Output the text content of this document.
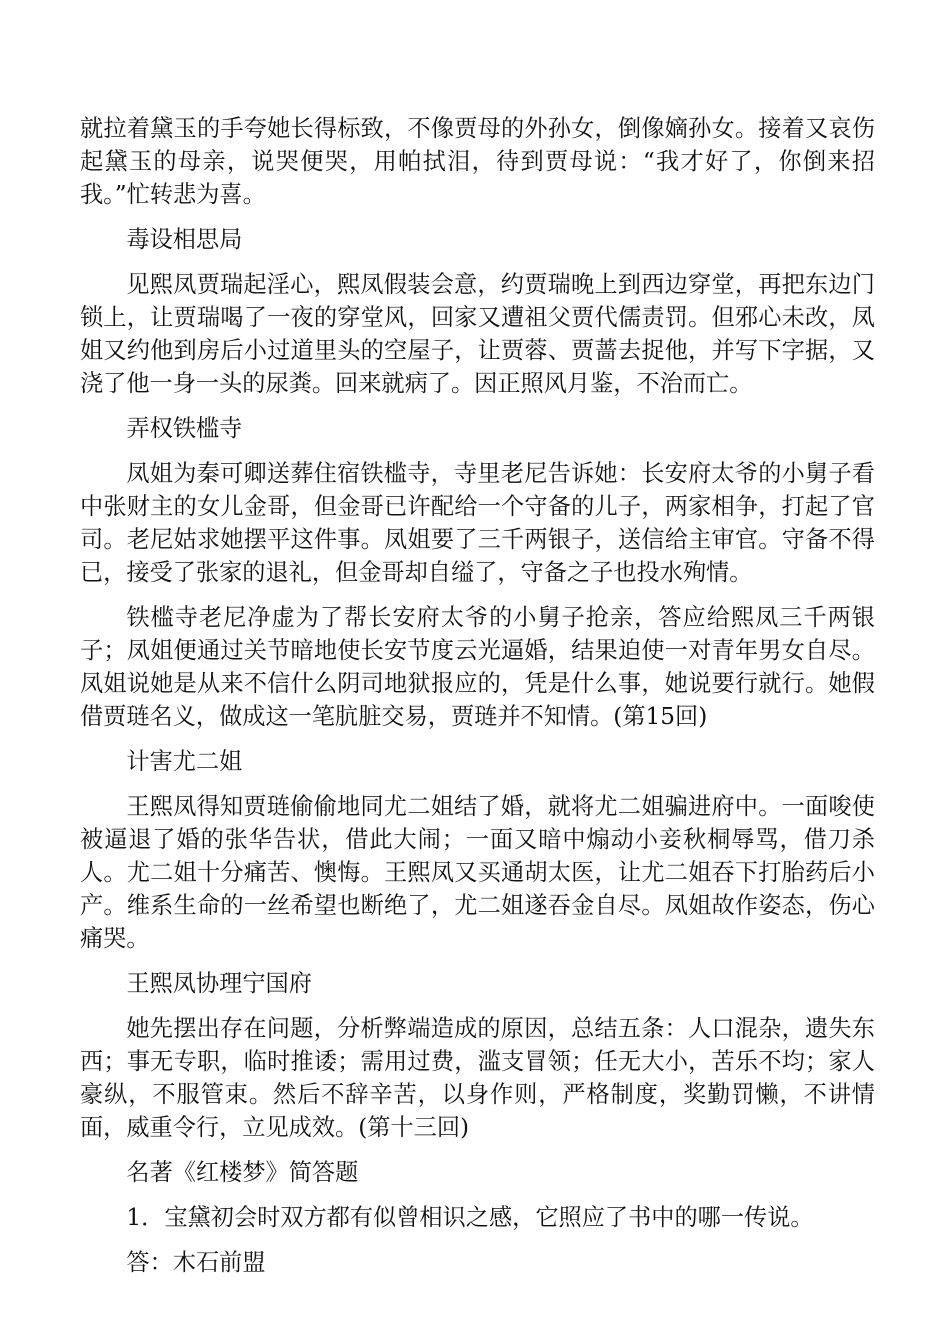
就拉着黛玉的手夸她长得标致，不像贾母的外孙女，倒像嫡孙女。接着又哀伤起黛玉的母亲，说哭便哭，用帕拭泪，待到贾母说：“我才好了，你倒来招我。”忙转悲为喜。

毒设相思局

见熙凤贾瑞起淫心，熙凤假装会意，约贾瑞晚上到西边穿堂，再把东边门锁上，让贾瑞喝了一夜的穿堂风，回家又遭祖父贾代儒责罚。但邪心未改，凤姐又约他到房后小过道里头的空屋子，让贾蓉、贾蔷去捉他，并写下字据，又浇了他一身一头的尿粪。回来就病了。因正照风月鉴，不治而亡。

弄权铁槛寺

凤姐为秦可卿送葬住宿铁槛寺，寺里老尼告诉她：长安府太爷的小舅子看中张财主的女儿金哥，但金哥已许配给一个守备的儿子，两家相争，打起了官司。老尼姑求她摆平这件事。凤姐要了三千两银子，送信给主审官。守备不得已，接受了张家的退礼，但金哥却自缢了，守备之子也投水殉情。

铁槛寺老尼净虚为了帮长安府太爷的小舅子抢亲，答应给熙凤三千两银子；凤姐便通过关节暗地使长安节度云光逼婚，结果迫使一对青年男女自尽。凤姐说她是从来不信什么阴司地狱报应的，凭是什么事，她说要行就行。她假借贾琏名义，做成这一笔肮脏交易，贾琏并不知情。(第15回)

计害尤二姐

王熙凤得知贾琏偷偷地同尤二姐结了婚，就将尤二姐骗进府中。一面唆使被逼退了婚的张华告状，借此大闹；一面又暗中煽动小妾秋桐辱骂，借刀杀人。尤二姐十分痛苦、懊悔。王熙凤又买通胡太医，让尤二姐吞下打胎药后小产。维系生命的一丝希望也断绝了，尤二姐遂吞金自尽。凤姐故作姿态，伤心痛哭。

王熙凤协理宁国府

她先摆出存在问题，分析弊端造成的原因，总结五条：人口混杂，遗失东西；事无专职，临时推诿；需用过费，滥支冒领；任无大小，苦乐不均；家人豪纵，不服管束。然后不辞辛苦，以身作则，严格制度，奖勤罚懒，不讲情面，威重令行，立见成效。(第十三回)

名著《红楼梦》简答题

1．宝黛初会时双方都有似曾相识之感，它照应了书中的哪一传说。

答：木石前盟
